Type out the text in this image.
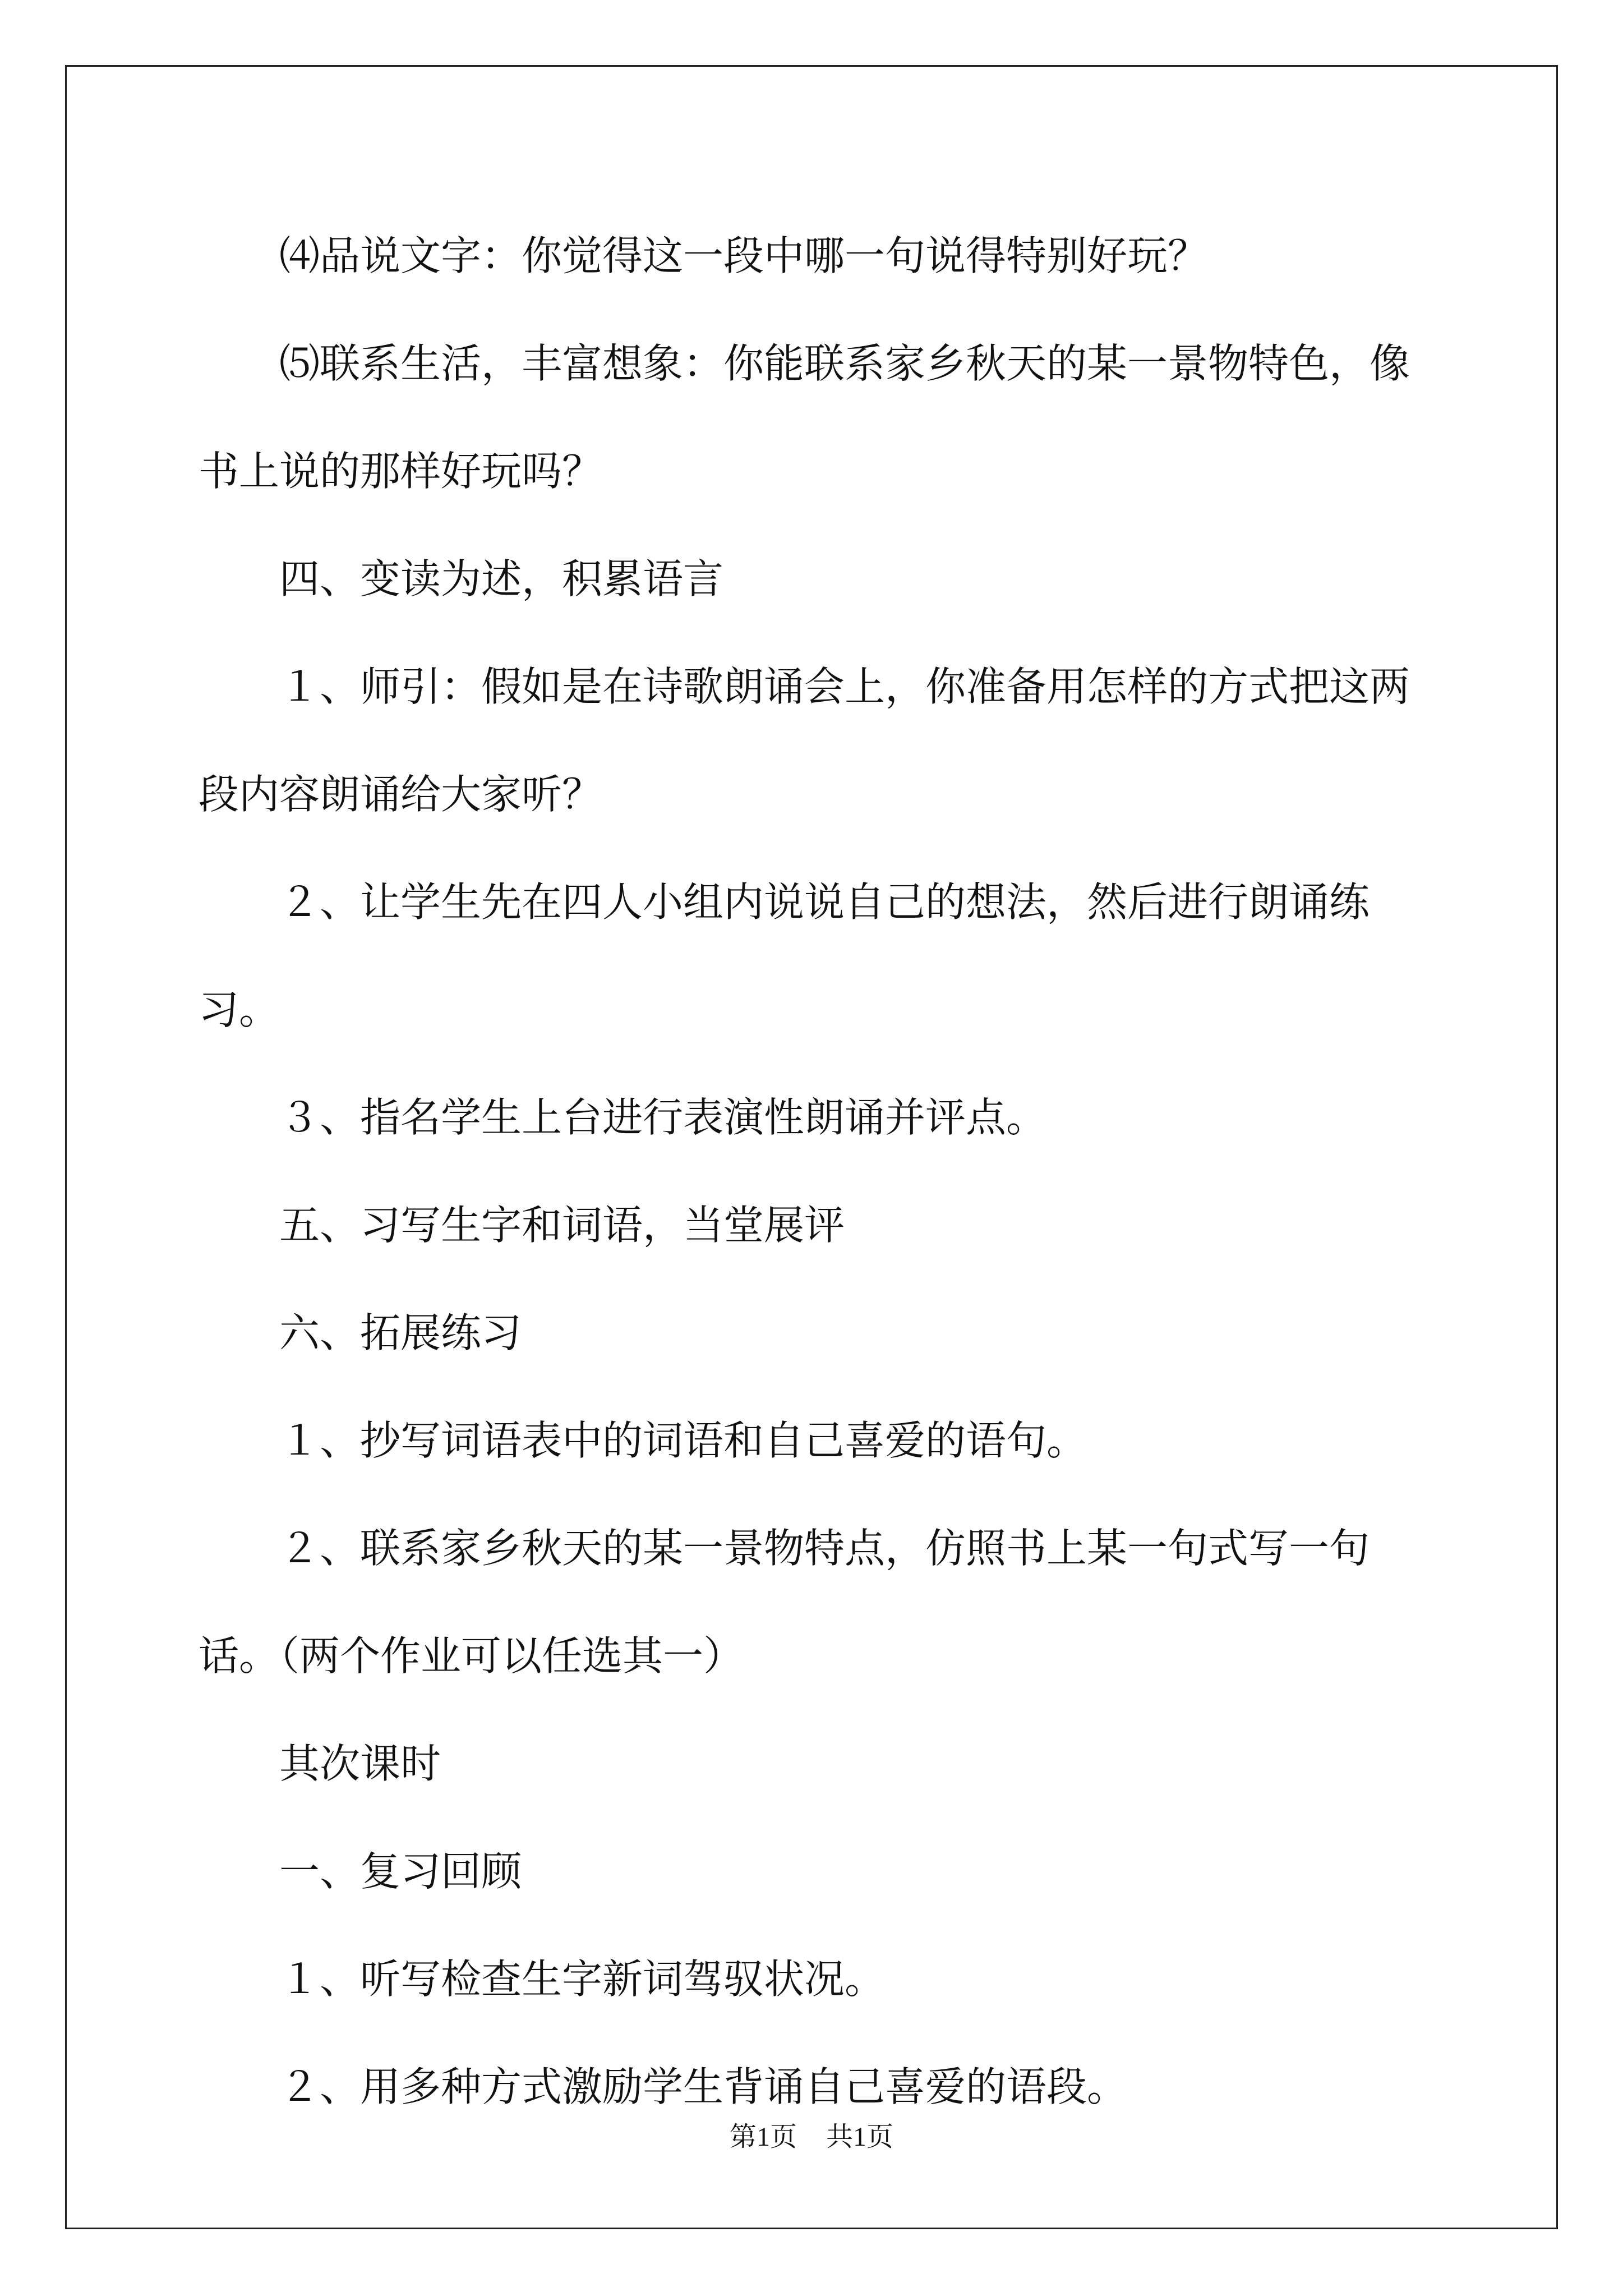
⑷品说文字：你觉得这一段中哪一句说得特别好玩？

⑸联系生活，丰富想象：你能联系家乡秋天的某一景物特色，像书上说的那样好玩吗？

四、变读为述，积累语言

１、师引：假如是在诗歌朗诵会上，你准备用怎样的方式把这两段内容朗诵给大家听？

２、让学生先在四人小组内说说自己的想法，然后进行朗诵练习。

３、指名学生上台进行表演性朗诵并评点。

五、习写生字和词语，当堂展评

六、拓展练习

１、抄写词语表中的词语和自己喜爱的语句。

２、联系家乡秋天的某一景物特点，仿照书上某一句式写一句话。（两个作业可以任选其一）

其次课时

一、复习回顾

１、听写检查生字新词驾驭状况。

２、用多种方式激励学生背诵自己喜爱的语段。

第1页 共1页
